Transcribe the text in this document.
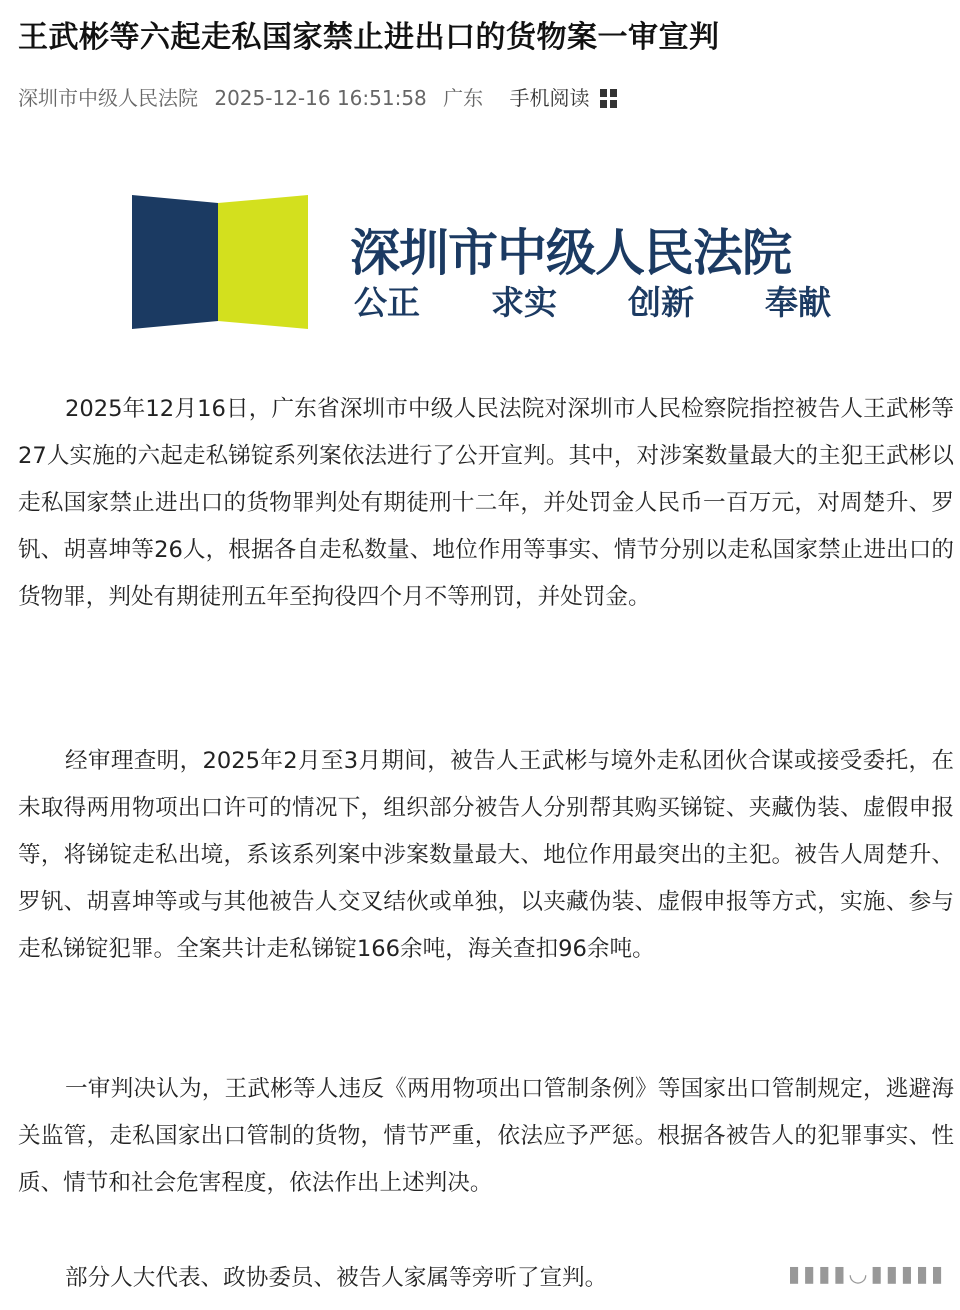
王武彬等六起走私国家禁止进出口的货物案一审宣判
深圳市中级人民法院 2025-12-16 16:51:58 广东 手机阅读
深圳市中级人民法院
公正 求实 创新 奉献

2025年12月16日，广东省深圳市中级人民法院对深圳市人民检察院指控被告人王武彬等27人实施的六起走私锑锭系列案依法进行了公开宣判。其中，对涉案数量最大的主犯王武彬以走私国家禁止进出口的货物罪判处有期徒刑十二年，并处罚金人民币一百万元，对周楚升、罗钒、胡喜坤等26人，根据各自走私数量、地位作用等事实、情节分别以走私国家禁止进出口的货物罪，判处有期徒刑五年至拘役四个月不等刑罚，并处罚金。

经审理查明，2025年2月至3月期间，被告人王武彬与境外走私团伙合谋或接受委托，在未取得两用物项出口许可的情况下，组织部分被告人分别帮其购买锑锭、夹藏伪装、虚假申报等，将锑锭走私出境，系该系列案中涉案数量最大、地位作用最突出的主犯。被告人周楚升、罗钒、胡喜坤等或与其他被告人交叉结伙或单独，以夹藏伪装、虚假申报等方式，实施、参与走私锑锭犯罪。全案共计走私锑锭166余吨，海关查扣96余吨。

一审判决认为，王武彬等人违反《两用物项出口管制条例》等国家出口管制规定，逃避海关监管，走私国家出口管制的货物，情节严重，依法应予严惩。根据各被告人的犯罪事实、性质、情节和社会危害程度，依法作出上述判决。

部分人大代表、政协委员、被告人家属等旁听了宣判。	▮▮▮▮◡▮▮▮▮▮
